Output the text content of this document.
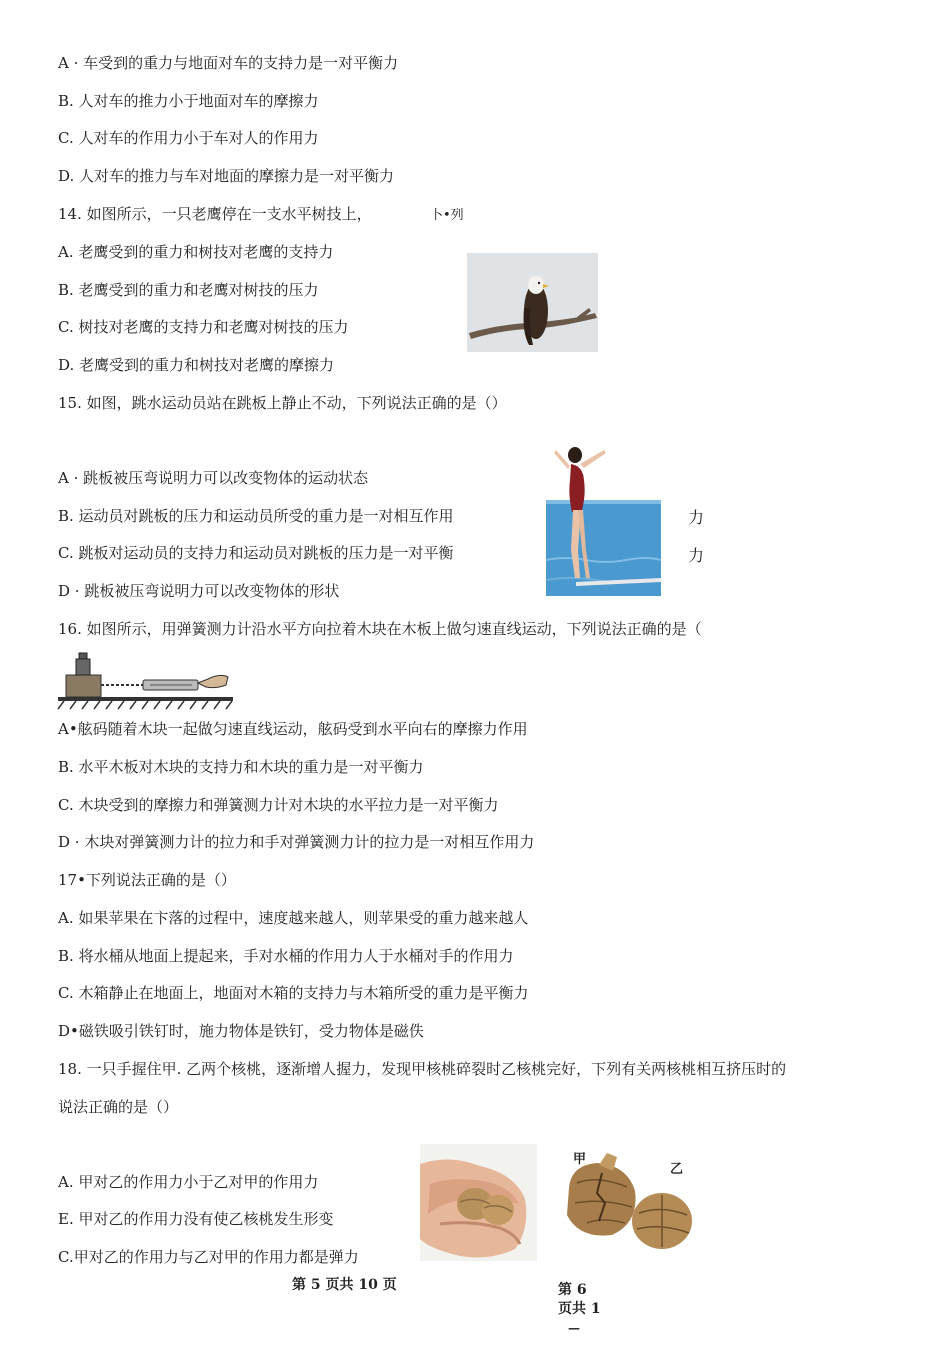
A · 车受到的重力与地面对车的支持力是一对平衡力
B. 人对车的推力小于地面对车的摩擦力
C. 人对车的作用力小于车对人的作用力
D. 人对车的推力与车对地面的摩擦力是一对平衡力
14. 如图所示，一只老鹰停在一支水平树技上，	卜•列
A. 老鹰受到的重力和树技对老鹰的支持力
B. 老鹰受到的重力和老鹰对树技的压力
C. 树技对老鹰的支持力和老鹰对树技的压力
D. 老鹰受到的重力和树技对老鹰的摩擦力
15. 如图，跳水运动员站在跳板上静止不动，下列说法正确的是（）
A · 跳板被压弯说明力可以改变物体的运动状态
B. 运动员对跳板的压力和运动员所受的重力是一对相互作用
C. 跳板对运动员的支持力和运动员对跳板的压力是一对平衡
D · 跳板被压弯说明力可以改变物体的形状
力
力
16. 如图所示，用弹簧测力计沿水平方向拉着木块在木板上做匀速直线运动，下列说法正确的是（
A•舷码随着木块一起做匀速直线运动，舷码受到水平向右的摩擦力作用
B. 水平木板对木块的支持力和木块的重力是一对平衡力
C. 木块受到的摩擦力和弹簧测力计对木块的水平拉力是一对平衡力
D · 木块对弹簧测力计的拉力和手对弹簧测力计的拉力是一对相互作用力
17•下列说法正确的是（）
A. 如果苹果在卞落的过程中，速度越来越人，则苹果受的重力越来越人
B. 将水桶从地面上提起来，手对水桶的作用力人于水桶对手的作用力
C. 木箱静止在地面上，地面对木箱的支持力与木箱所受的重力是平衡力
D•磁铁吸引铁钉时，施力物体是铁钉，受力物体是磁佚
18. 一只手握住甲. 乙两个核桃，逐渐增人握力，发现甲核桃碎裂时乙核桃完好，下列有关两核桃相互挤压时的
说法正确的是（）
A. 甲对乙的作用力小于乙对甲的作用力
E. 甲对乙的作用力没有使乙核桃发生形变
C.甲对乙的作用力与乙对甲的作用力都是弹力
甲
乙
第 5 页共 10 页	第 6
页共 1
—
